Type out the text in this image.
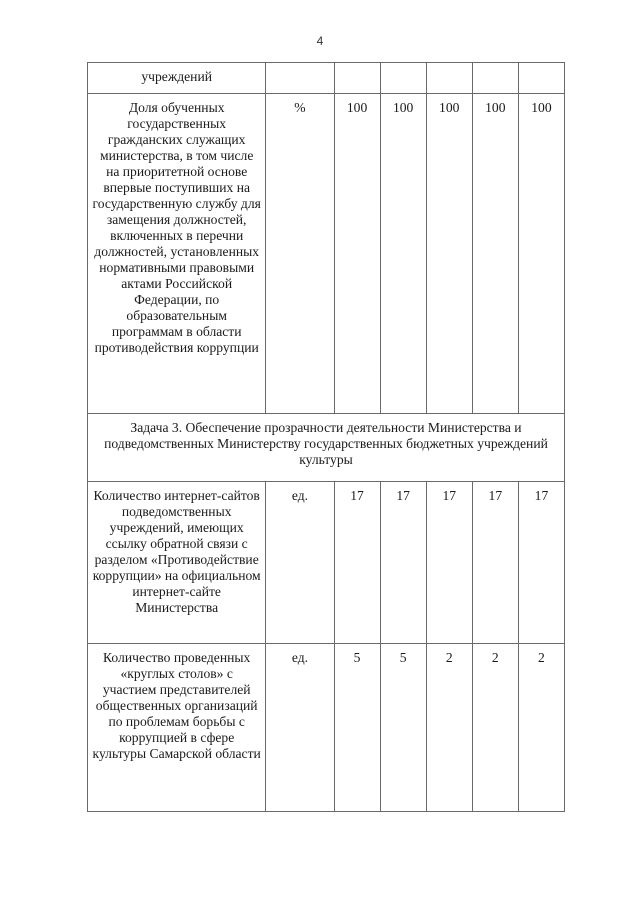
4
учреждений						
Доля обученных государственных гражданских служащих министерства, в том числе на приоритетной основе впервые поступивших на государственную службу для замещения должностей, включенных в перечни должностей, установленных нормативными правовыми актами Российской Федерации, по образовательным программам в области противодействия коррупции	%	100	100	100	100	100
Задача 3. Обеспечение прозрачности деятельности Министерства и подведомственных Министерству государственных бюджетных учреждений культуры						
Количество интернет-сайтов подведомственных учреждений, имеющих ссылку обратной связи с разделом «Противодействие коррупции» на официальном интернет-сайте Министерства	ед.	17	17	17	17	17
Количество проведенных «круглых столов» с участием представителей общественных организаций по проблемам борьбы с коррупцией в сфере культуры Самарской области	ед.	5	5	2	2	2
